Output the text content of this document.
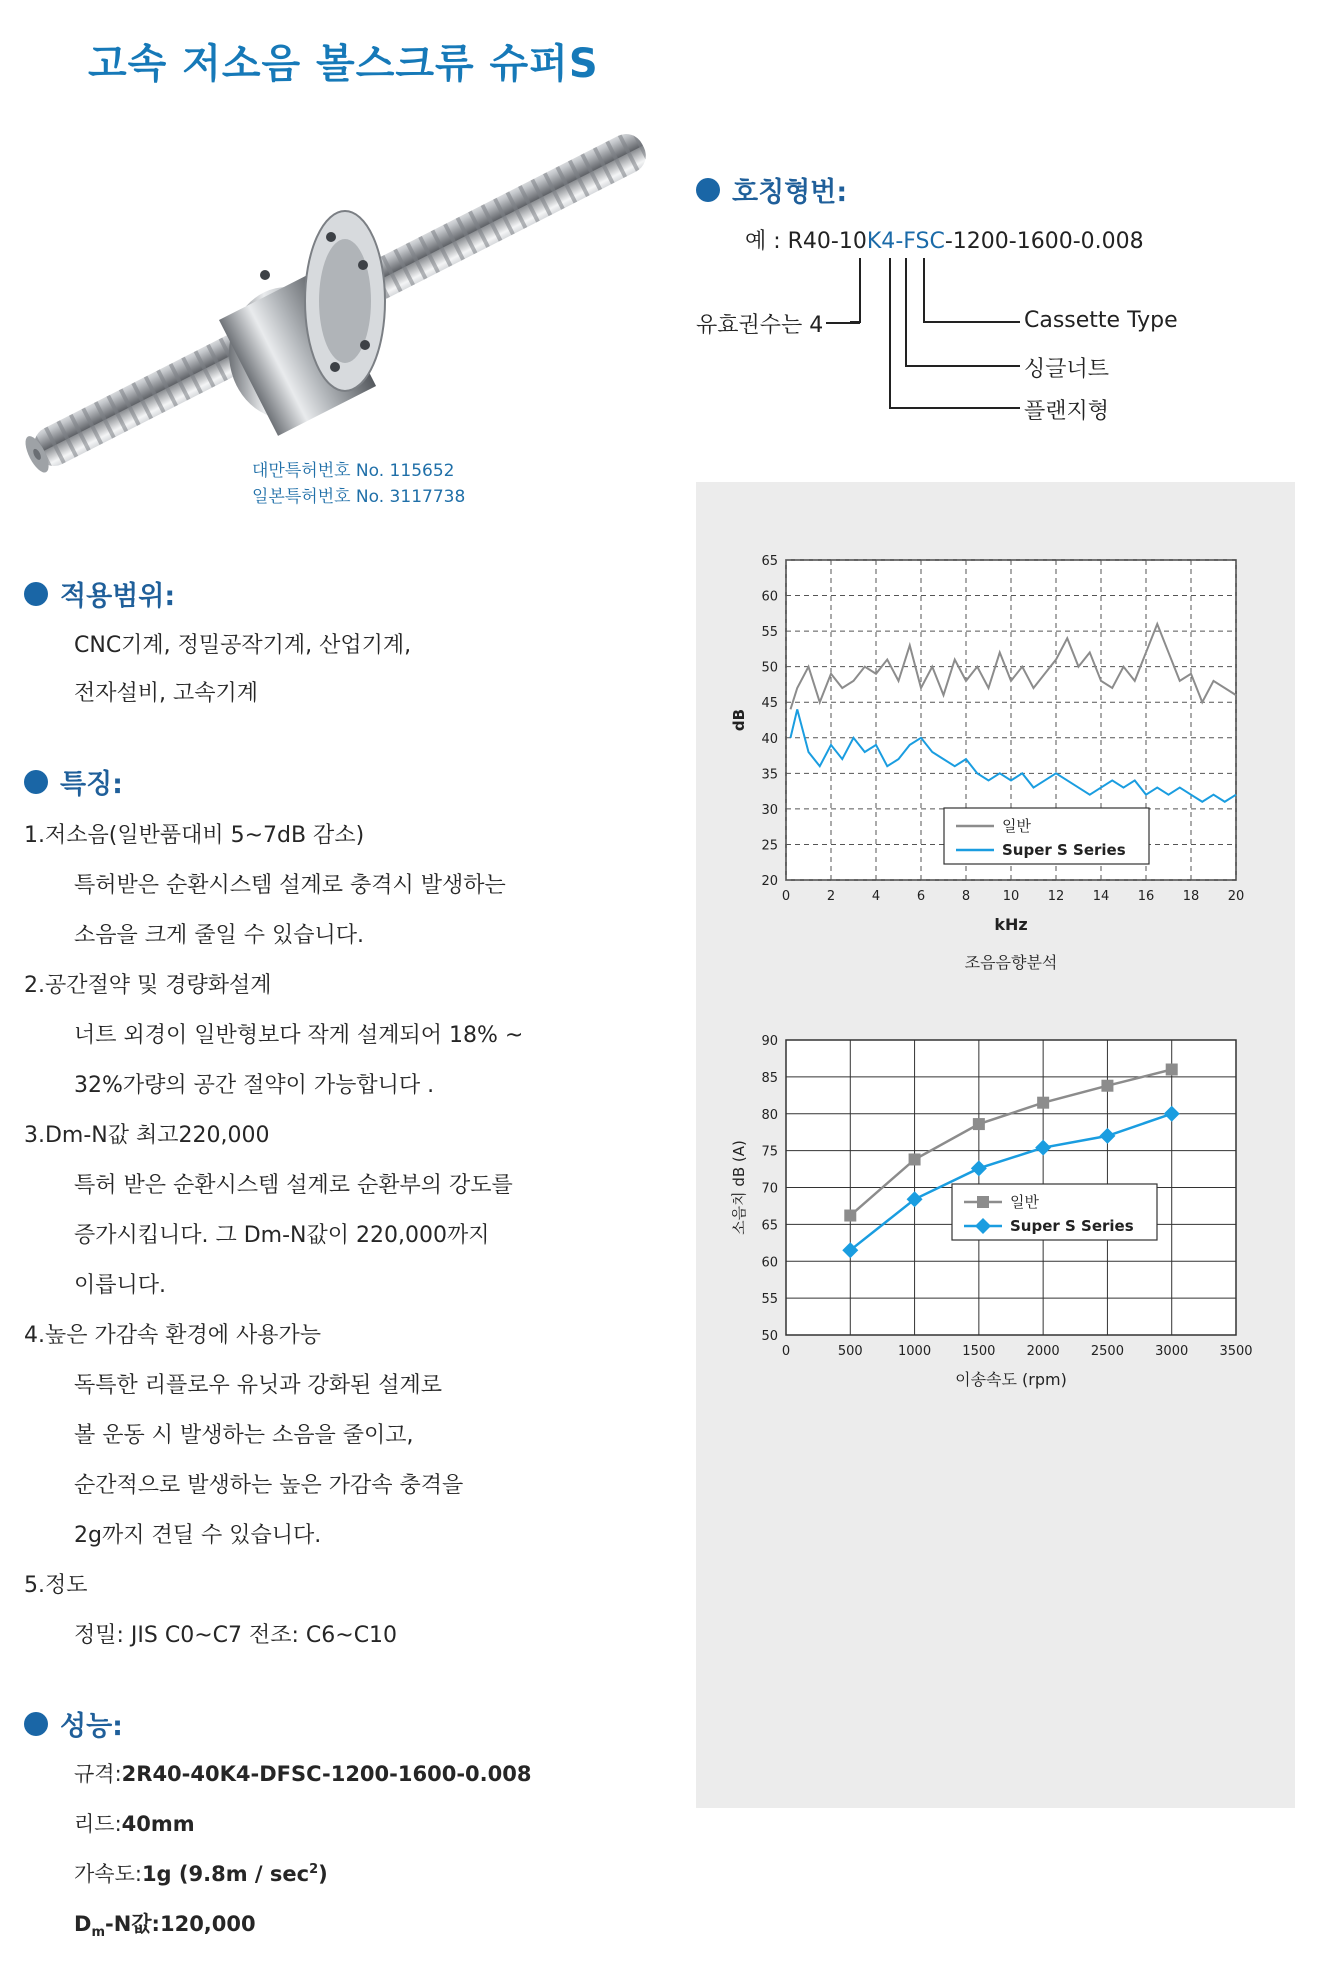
고속 저소음 볼스크류 슈퍼S
대만특허번호 No. 115652
일본특허번호 No. 3117738
호칭형번:
예 : R40-10K4-FSC-1200-1600-0.008
유효권수는 4	Cassette Type
싱글너트
플랜지형
20
25
30
35
40
45
50
55
60
65
0	2	4	6	8	10 12 14 16 18 20
kHz
dB
일반
Super S Series
조음음향분석
50
55
60
65
70
75
80
85
90
0	500	1000 1500 2000 2500 3000 3500
이송속도 (rpm)
소음치 dB (A)	일반
Super S Series
적용범위:
CNC기계, 정밀공작기계, 산업기계,
전자설비, 고속기계
특징:
1.저소음(일반품대비 5~7dB 감소)
특허받은 순환시스템 설계로 충격시 발생하는
소음을 크게 줄일 수 있습니다.
2.공간절약 및 경량화설계
너트 외경이 일반형보다 작게 설계되어 18% ~
32%가량의 공간 절약이 가능합니다 .
3.Dm-N값 최고220,000
특허 받은 순환시스템 설계로 순환부의 강도를
증가시킵니다. 그 Dm-N값이 220,000까지
이릅니다.
4.높은 가감속 환경에 사용가능
독특한 리플로우 유닛과 강화된 설계로
볼 운동 시 발생하는 소음을 줄이고,
순간적으로 발생하는 높은 가감속 충격을
2g까지 견딜 수 있습니다.
5.정도
정밀: JIS C0~C7 전조: C6~C10
성능:
규격:2R40-40K4-DFSC-1200-1600-0.008
리드:40mm
가속도:1g $(9.8m / \sec^2)$
$D_m-N$값:120,000
